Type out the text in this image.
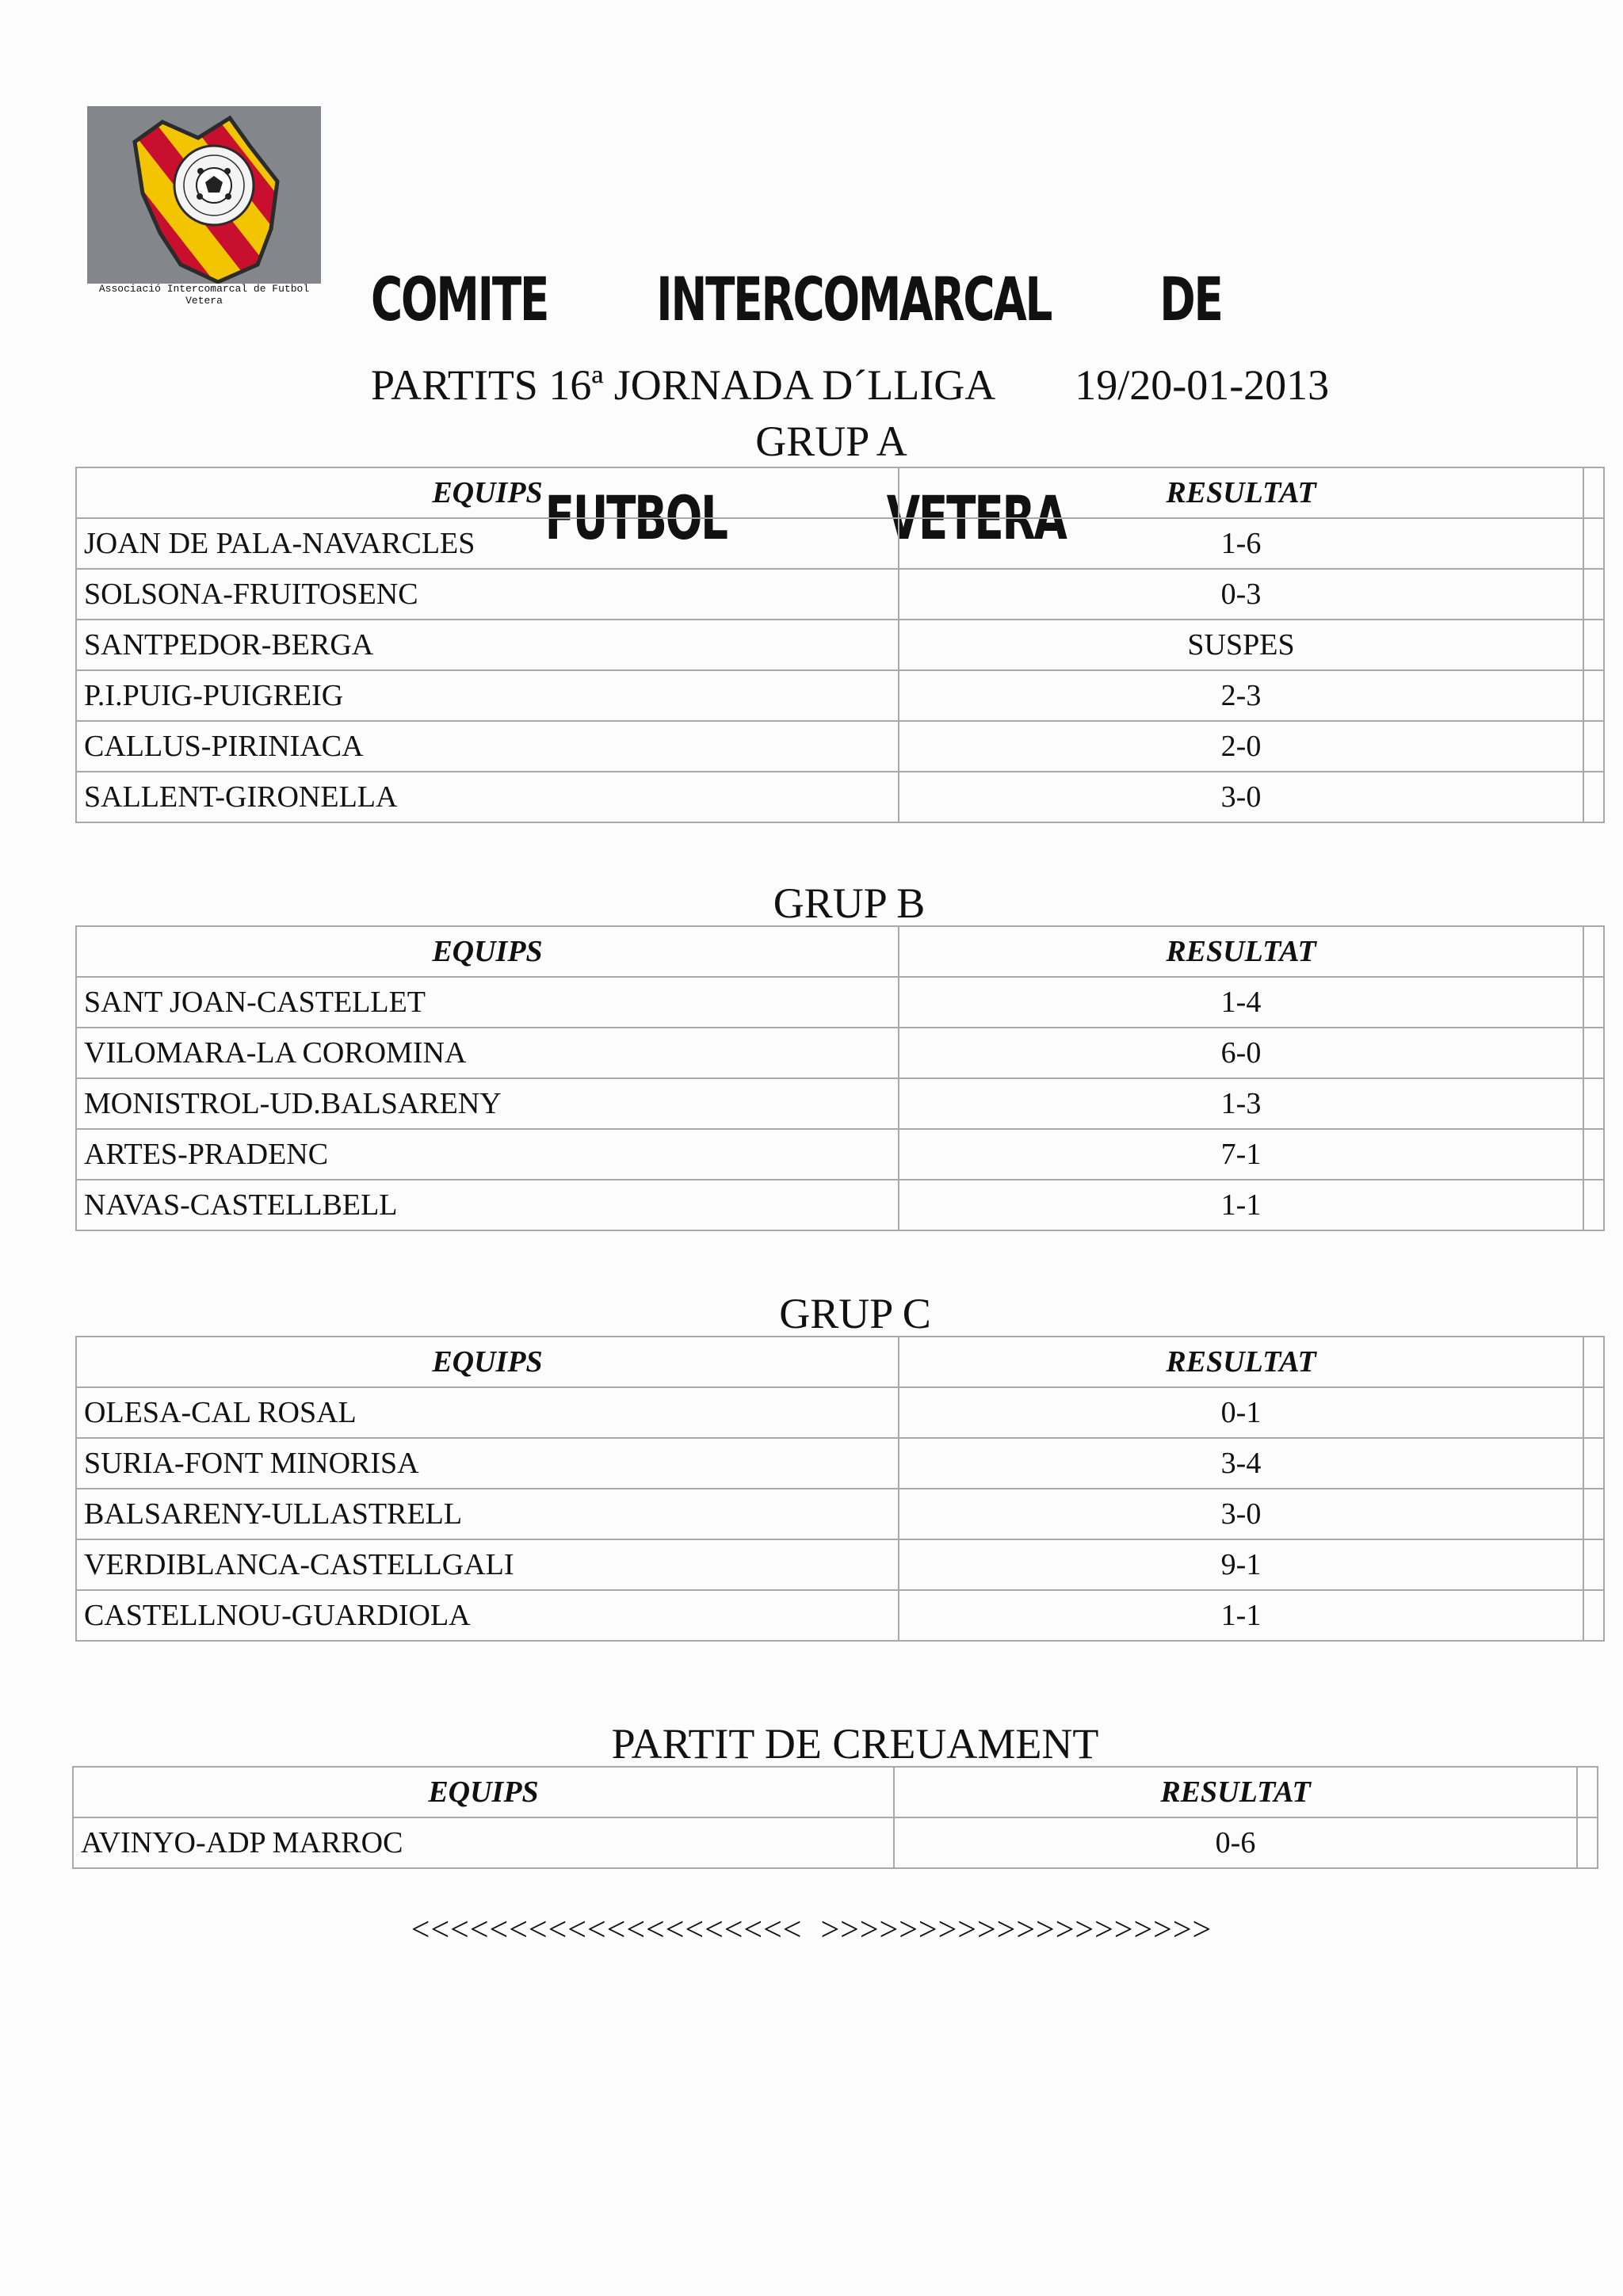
Associació Intercomarcal de Futbol Vetera

	COMITE   INTERCOMARCAL   DE

FUTBOL   VETERA

PARTITS 16ª JORNADA D´LLIGA 19/20-01-2013
GRUP A
EQUIPS	RESULTAT	
JOAN DE PALA-NAVARCLES	1-6	
SOLSONA-FRUITOSENC	0-3	
SANTPEDOR-BERGA	SUSPES	
P.I.PUIG-PUIGREIG	2-3	
CALLUS-PIRINIACA	2-0	
SALLENT-GIRONELLA	3-0	
GRUP B
EQUIPS	RESULTAT	
SANT JOAN-CASTELLET	1-4	
VILOMARA-LA COROMINA	6-0	
MONISTROL-UD.BALSARENY	1-3	
ARTES-PRADENC	7-1	
NAVAS-CASTELLBELL	1-1	
GRUP C
EQUIPS	RESULTAT	
OLESA-CAL ROSAL	0-1	
SURIA-FONT MINORISA	3-4	
BALSARENY-ULLASTRELL	3-0	
VERDIBLANCA-CASTELLGALI	9-1	
CASTELLNOU-GUARDIOLA	1-1	
PARTIT DE CREUAMENT
EQUIPS	RESULTAT	
AVINYO-ADP MARROC	0-6	
<<<<<<<<<<<<<<<<<<<<  >>>>>>>>>>>>>>>>>>>>
